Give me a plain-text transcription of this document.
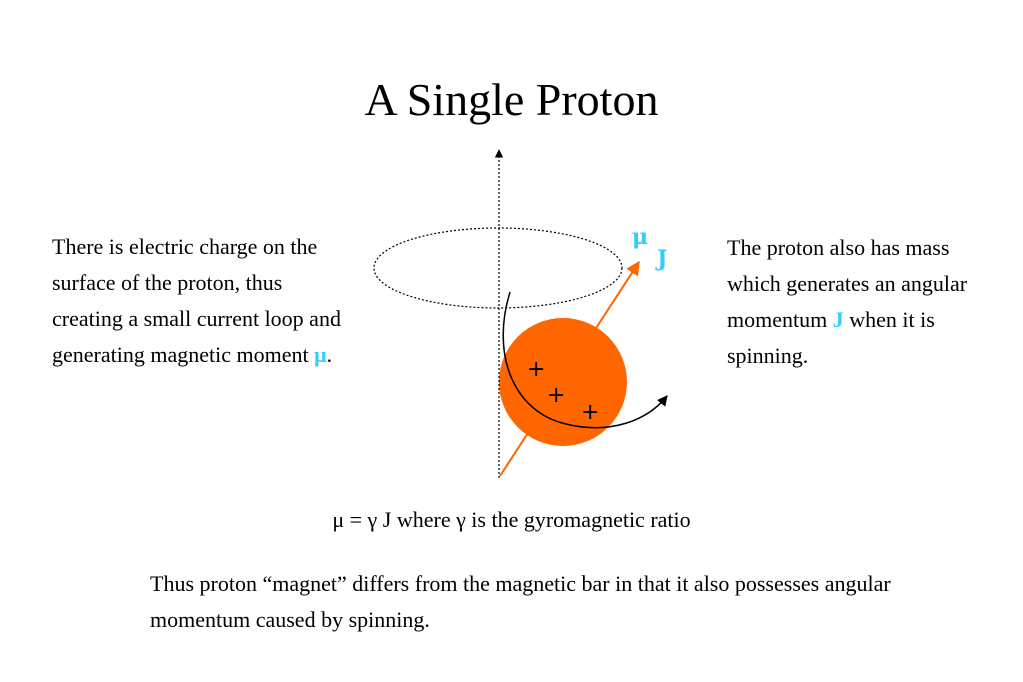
A Single Proton
There is electric charge on the surface of the proton, thus creating a small current loop and generating magnetic moment μ.
The proton also has mass which generates an angular momentum J when it is spinning.
+
+
+
μ
J
μ = γ J where γ is the gyromagnetic ratio
Thus proton “magnet” differs from the magnetic bar in that it also possesses angular momentum caused by spinning.
